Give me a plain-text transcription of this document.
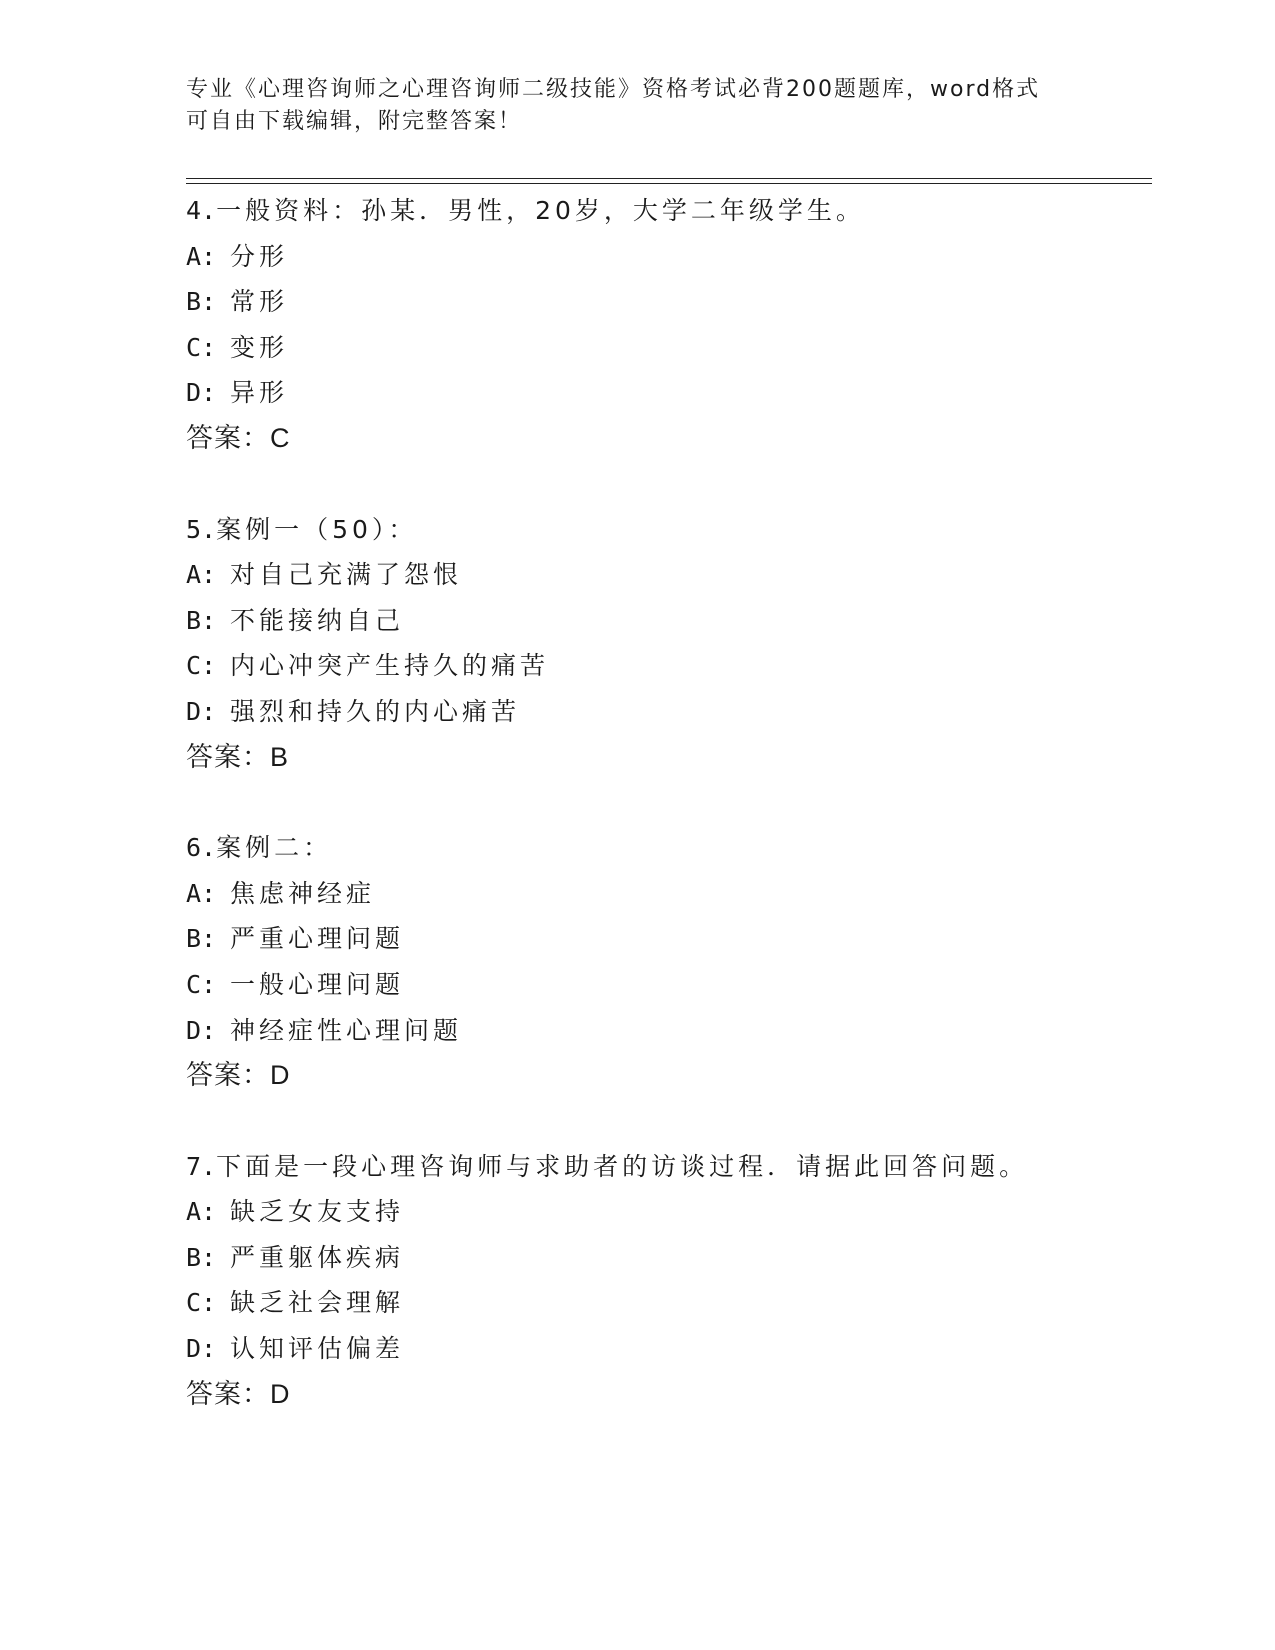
专业《心理咨询师之心理咨询师二级技能》资格考试必背200题题库，word格式
可自由下载编辑，附完整答案！
4.一般资料：孙某．男性，20岁，大学二年级学生。
A: 分形
B: 常形
C: 变形
D: 异形
答案：C
5.案例一（50）：
A: 对自己充满了怨恨
B: 不能接纳自己
C: 内心冲突产生持久的痛苦
D: 强烈和持久的内心痛苦
答案：B
6.案例二：
A: 焦虑神经症
B: 严重心理问题
C: 一般心理问题
D: 神经症性心理问题
答案：D
7.下面是一段心理咨询师与求助者的访谈过程．请据此回答问题。
A: 缺乏女友支持
B: 严重躯体疾病
C: 缺乏社会理解
D: 认知评估偏差
答案：D
